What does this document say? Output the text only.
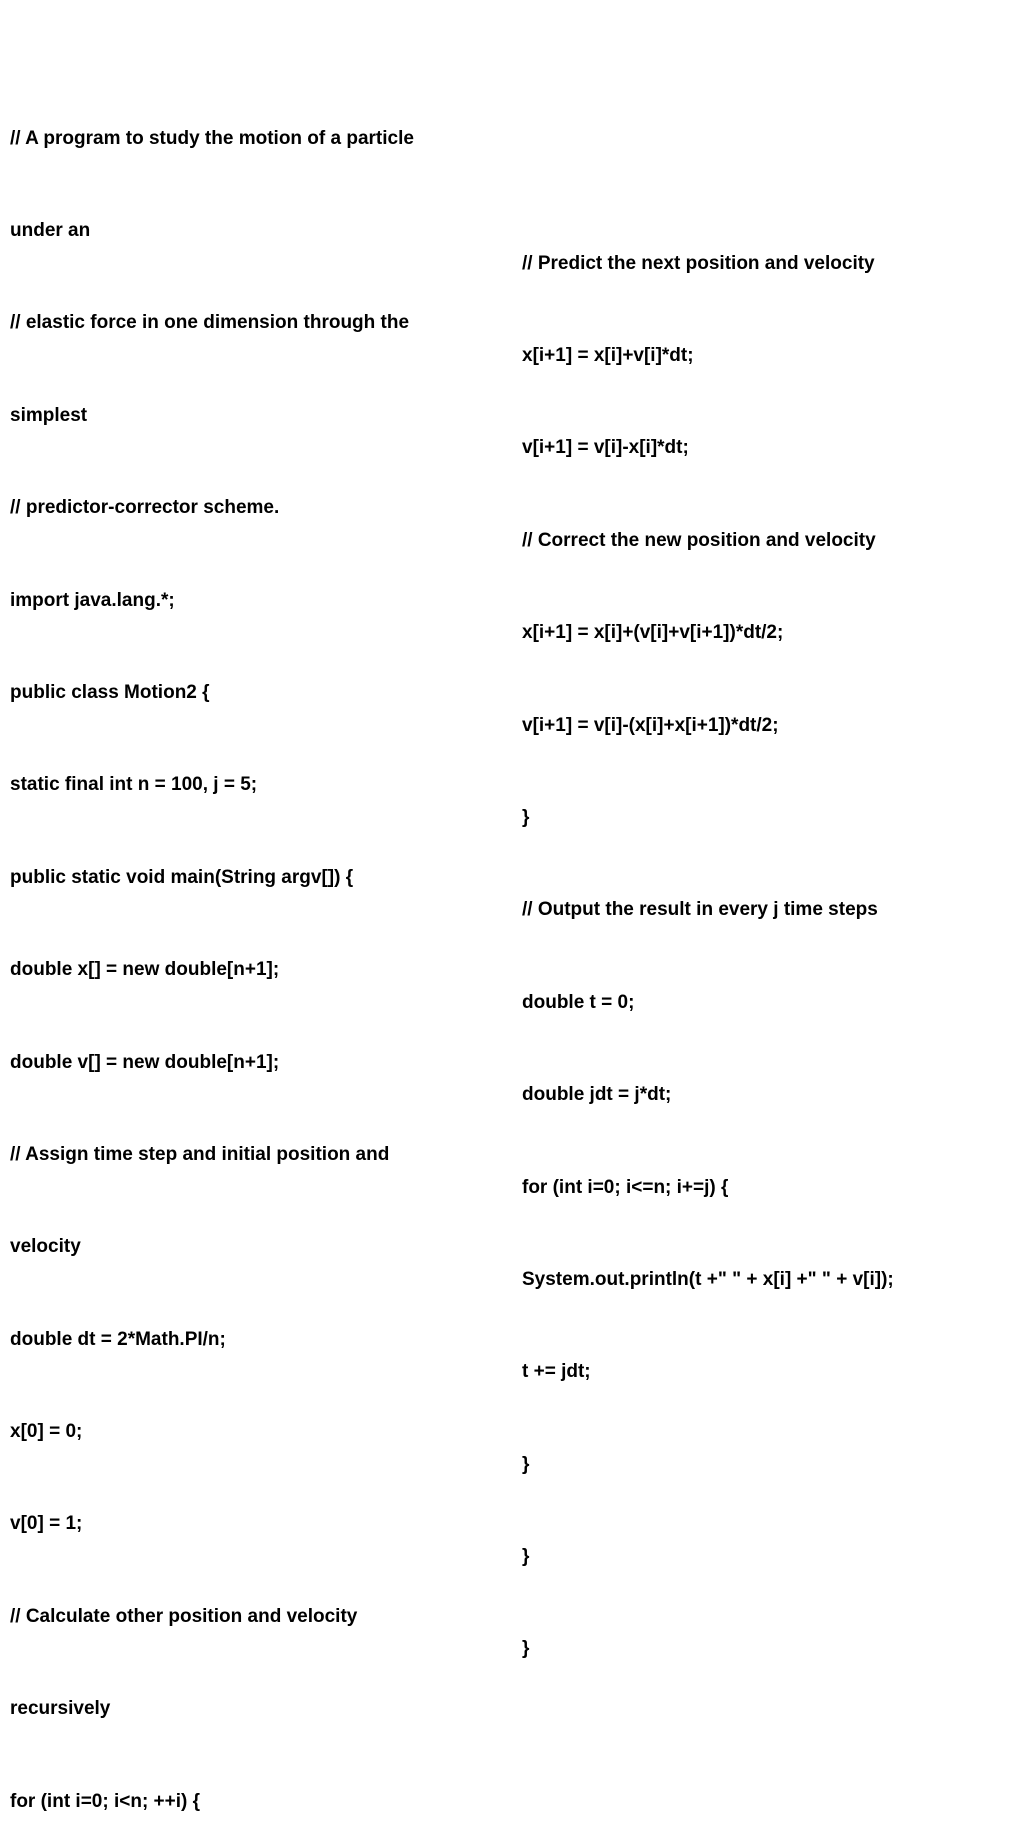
// A program to study the motion of a particle

under an

// elastic force in one dimension through the

simplest

// predictor-corrector scheme.

import java.lang.*;

public class Motion2 {

static final int n = 100, j = 5;

public static void main(String argv[]) {

double x[] = new double[n+1];

double v[] = new double[n+1];

// Assign time step and initial position and

velocity

double dt = 2*Math.PI/n;

x[0] = 0;

v[0] = 1;

// Calculate other position and velocity

recursively

for (int i=0; i<n; ++i) {

// Predict the next position and velocity

x[i+1] = x[i]+v[i]*dt;

v[i+1] = v[i]-x[i]*dt;

// Correct the new position and velocity

x[i+1] = x[i]+(v[i]+v[i+1])*dt/2;

v[i+1] = v[i]-(x[i]+x[i+1])*dt/2;

}

// Output the result in every j time steps

double t = 0;

double jdt = j*dt;

for (int i=0; i<=n; i+=j) {

System.out.println(t +" " + x[i] +" " + v[i]);

t += jdt;

}

}

}
